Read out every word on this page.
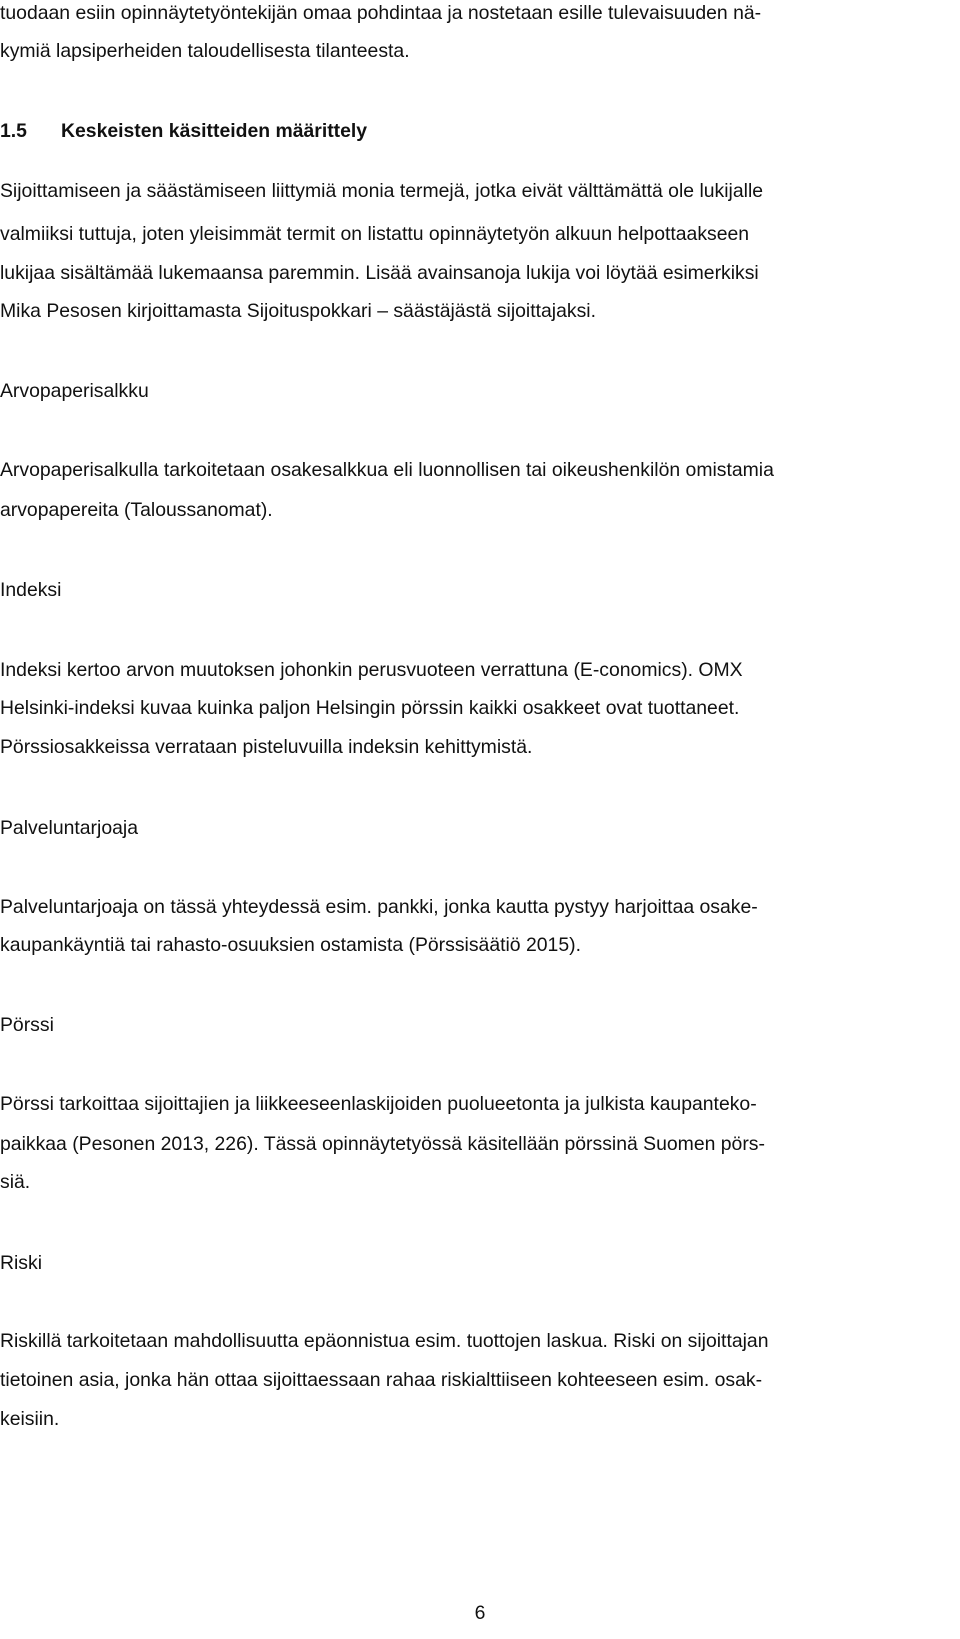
tuodaan esiin opinnäytetyöntekijän omaa pohdintaa ja nostetaan esille tulevaisuuden nä-
kymiä lapsiperheiden taloudellisesta tilanteesta.
1.5 Keskeisten käsitteiden määrittely
Sijoittamiseen ja säästämiseen liittymiä monia termejä, jotka eivät välttämättä ole lukijalle
valmiiksi tuttuja, joten yleisimmät termit on listattu opinnäytetyön alkuun helpottaakseen
lukijaa sisältämää lukemaansa paremmin. Lisää avainsanoja lukija voi löytää esimerkiksi
Mika Pesosen kirjoittamasta Sijoituspokkari – säästäjästä sijoittajaksi.
Arvopaperisalkku
Arvopaperisalkulla tarkoitetaan osakesalkkua eli luonnollisen tai oikeushenkilön omistamia
arvopapereita (Taloussanomat).
Indeksi
Indeksi kertoo arvon muutoksen johonkin perusvuoteen verrattuna (E-conomics). OMX
Helsinki-indeksi kuvaa kuinka paljon Helsingin pörssin kaikki osakkeet ovat tuottaneet.
Pörssiosakkeissa verrataan pisteluvuilla indeksin kehittymistä.
Palveluntarjoaja
Palveluntarjoaja on tässä yhteydessä esim. pankki, jonka kautta pystyy harjoittaa osake-
kaupankäyntiä tai rahasto-osuuksien ostamista (Pörssisäätiö 2015).
Pörssi
Pörssi tarkoittaa sijoittajien ja liikkeeseenlaskijoiden puolueetonta ja julkista kaupanteko-
paikkaa (Pesonen 2013, 226). Tässä opinnäytetyössä käsitellään pörssinä Suomen pörs-
siä.
Riski
Riskillä tarkoitetaan mahdollisuutta epäonnistua esim. tuottojen laskua. Riski on sijoittajan
tietoinen asia, jonka hän ottaa sijoittaessaan rahaa riskialttiiseen kohteeseen esim. osak-
keisiin.
6
